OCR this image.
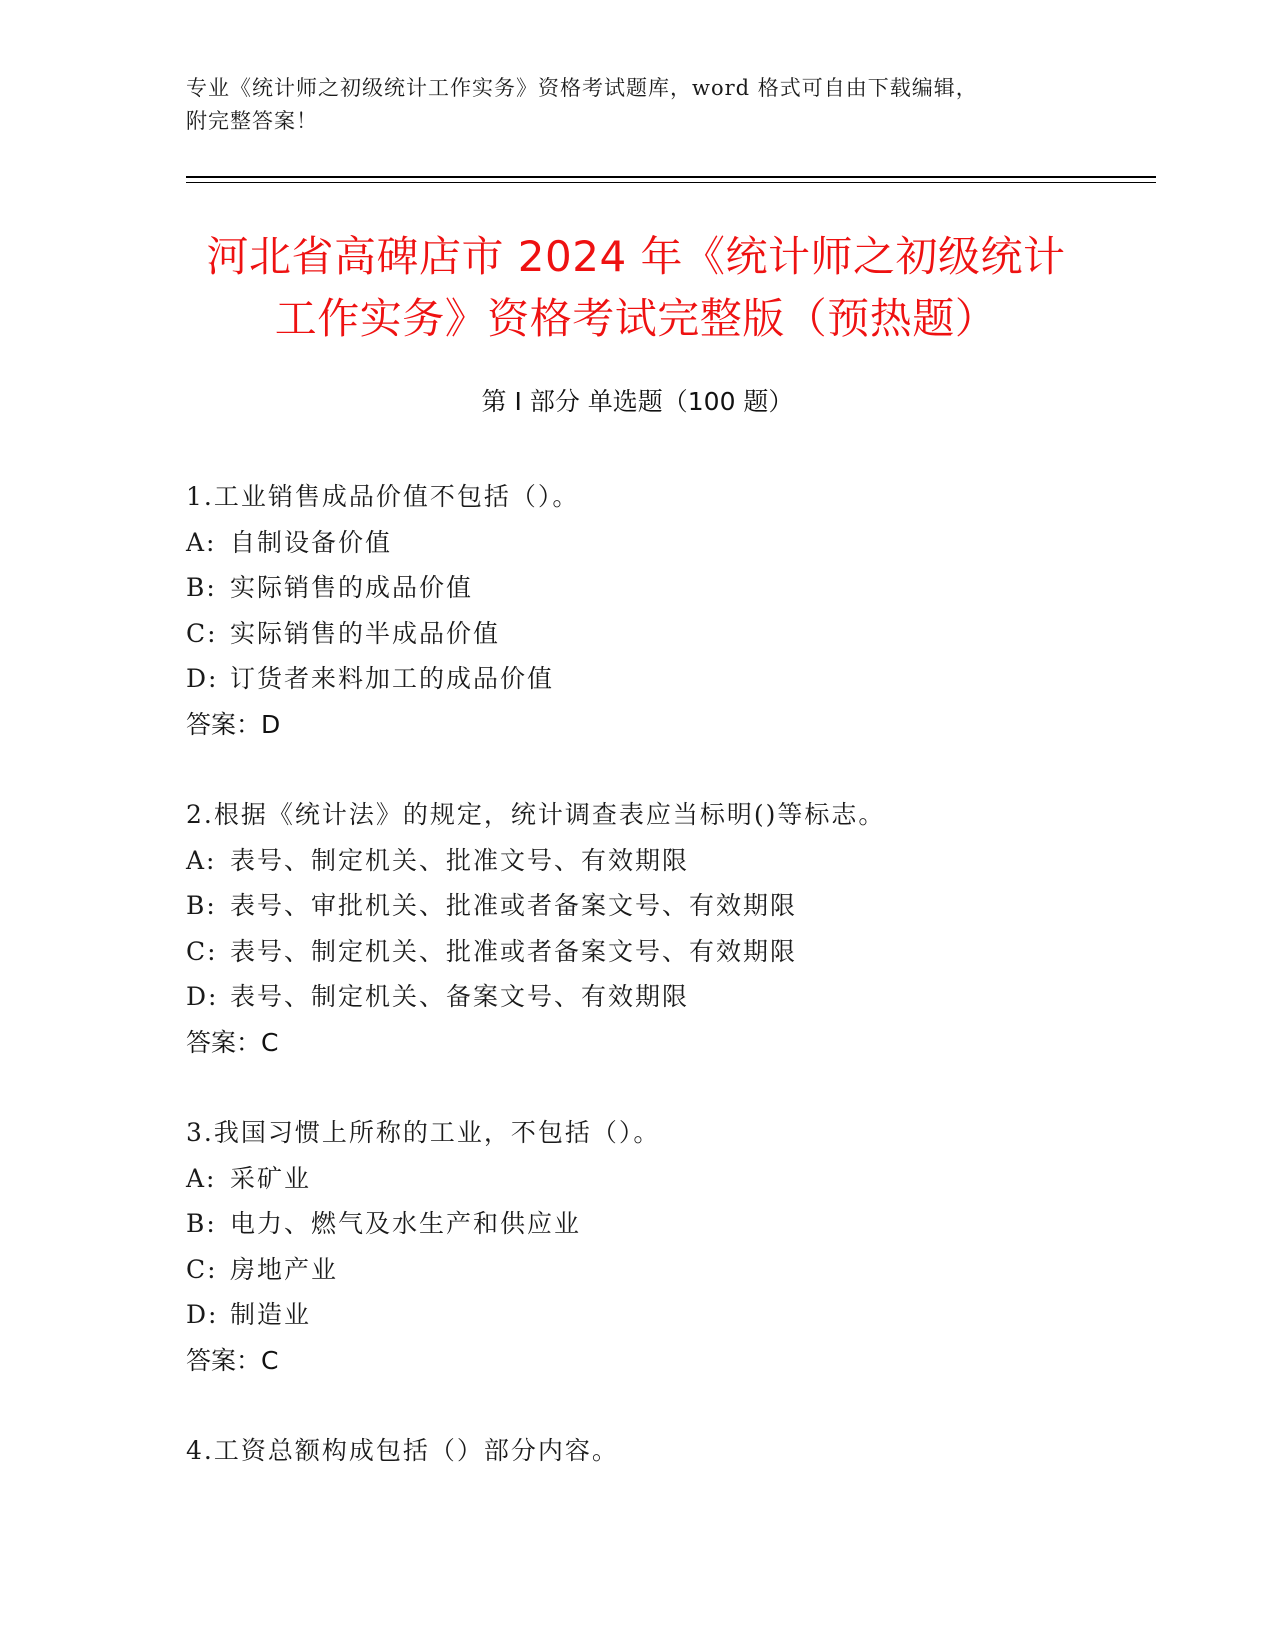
专业《统计师之初级统计工作实务》资格考试题库，word 格式可自由下载编辑，
附完整答案！
河北省高碑店市 2024 年《统计师之初级统计
工作实务》资格考试完整版（预热题）
第 I 部分 单选题（100 题）
1.工业销售成品价值不包括（）。
A: 自制设备价值
B: 实际销售的成品价值
C: 实际销售的半成品价值
D: 订货者来料加工的成品价值
答案：D
2.根据《统计法》的规定，统计调查表应当标明()等标志。
A: 表号、制定机关、批准文号、有效期限
B: 表号、审批机关、批准或者备案文号、有效期限
C: 表号、制定机关、批准或者备案文号、有效期限
D: 表号、制定机关、备案文号、有效期限
答案：C
3.我国习惯上所称的工业，不包括（）。
A: 采矿业
B: 电力、燃气及水生产和供应业
C: 房地产业
D: 制造业
答案：C
4.工资总额构成包括（）部分内容。
